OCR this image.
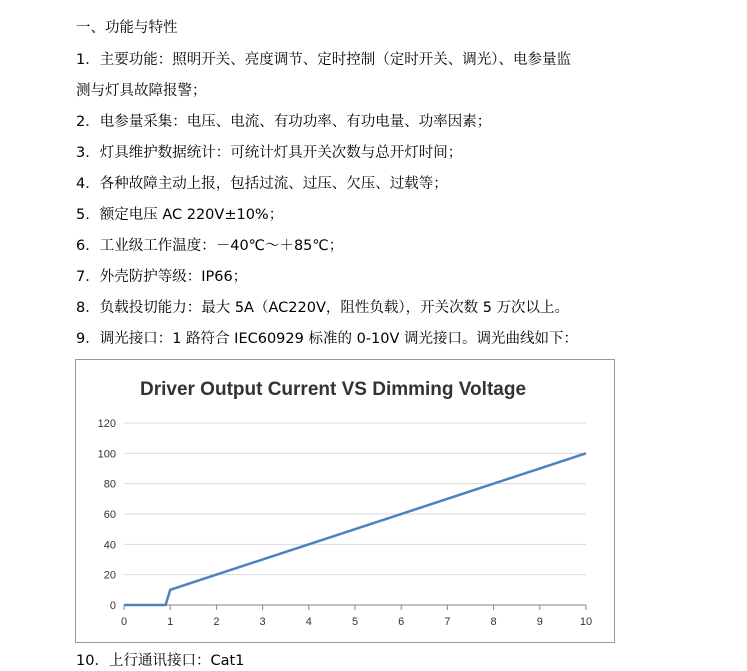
一、功能与特性
1．主要功能：照明开关、亮度调节、定时控制（定时开关、调光）、电参量监
测与灯具故障报警；
2．电参量采集：电压、电流、有功功率、有功电量、功率因素；
3．灯具维护数据统计：可统计灯具开关次数与总开灯时间；
4．各种故障主动上报，包括过流、过压、欠压、过载等；
5．额定电压 AC 220V±10%；
6．工业级工作温度：－40℃～＋85℃；
7．外壳防护等级：IP66；
8．负载投切能力：最大 5A（AC220V，阻性负载），开关次数 5 万次以上。
9．调光接口：1 路符合 IEC60929 标准的 0-10V 调光接口。调光曲线如下：
Driver Output Current VS Dimming Voltage
0
20
40
60
80
100
120
0	1	2	3	4	5	6	7	8	9	10
10．上行通讯接口：Cat1
